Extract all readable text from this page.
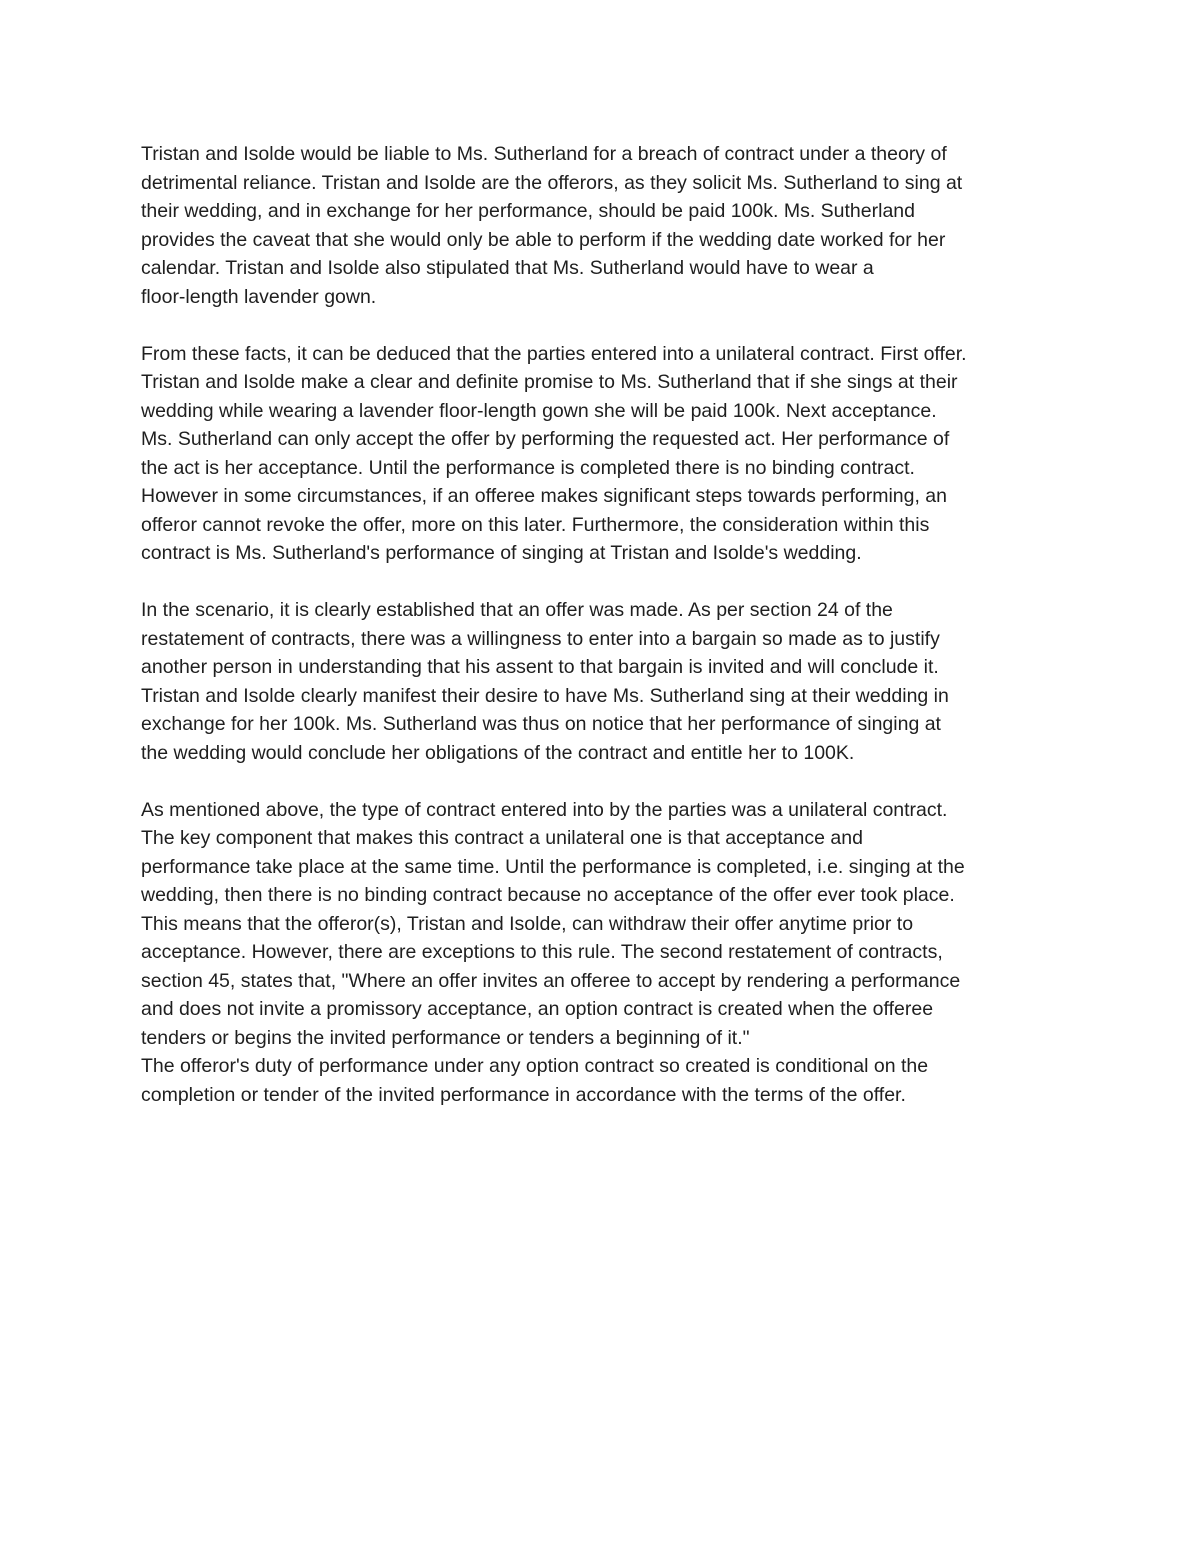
Tristan and Isolde would be liable to Ms. Sutherland for a breach of contract under a theory of
detrimental reliance. Tristan and Isolde are the offerors, as they solicit Ms. Sutherland to sing at
their wedding, and in exchange for her performance, should be paid 100k. Ms. Sutherland
provides the caveat that she would only be able to perform if the wedding date worked for her
calendar. Tristan and Isolde also stipulated that Ms. Sutherland would have to wear a
floor-length lavender gown.
From these facts, it can be deduced that the parties entered into a unilateral contract. First offer.
Tristan and Isolde make a clear and definite promise to Ms. Sutherland that if she sings at their
wedding while wearing a lavender floor-length gown she will be paid 100k. Next acceptance.
Ms. Sutherland can only accept the offer by performing the requested act. Her performance of
the act is her acceptance. Until the performance is completed there is no binding contract.
However in some circumstances, if an offeree makes significant steps towards performing, an
offeror cannot revoke the offer, more on this later. Furthermore, the consideration within this
contract is Ms. Sutherland's performance of singing at Tristan and Isolde's wedding.
In the scenario, it is clearly established that an offer was made. As per section 24 of the
restatement of contracts, there was a willingness to enter into a bargain so made as to justify
another person in understanding that his assent to that bargain is invited and will conclude it.
Tristan and Isolde clearly manifest their desire to have Ms. Sutherland sing at their wedding in
exchange for her 100k. Ms. Sutherland was thus on notice that her performance of singing at
the wedding would conclude her obligations of the contract and entitle her to 100K.
As mentioned above, the type of contract entered into by the parties was a unilateral contract.
The key component that makes this contract a unilateral one is that acceptance and
performance take place at the same time. Until the performance is completed, i.e. singing at the
wedding, then there is no binding contract because no acceptance of the offer ever took place.
This means that the offeror(s), Tristan and Isolde, can withdraw their offer anytime prior to
acceptance. However, there are exceptions to this rule. The second restatement of contracts,
section 45, states that, "Where an offer invites an offeree to accept by rendering a performance
and does not invite a promissory acceptance, an option contract is created when the offeree
tenders or begins the invited performance or tenders a beginning of it."
The offeror's duty of performance under any option contract so created is conditional on the
completion or tender of the invited performance in accordance with the terms of the offer.
